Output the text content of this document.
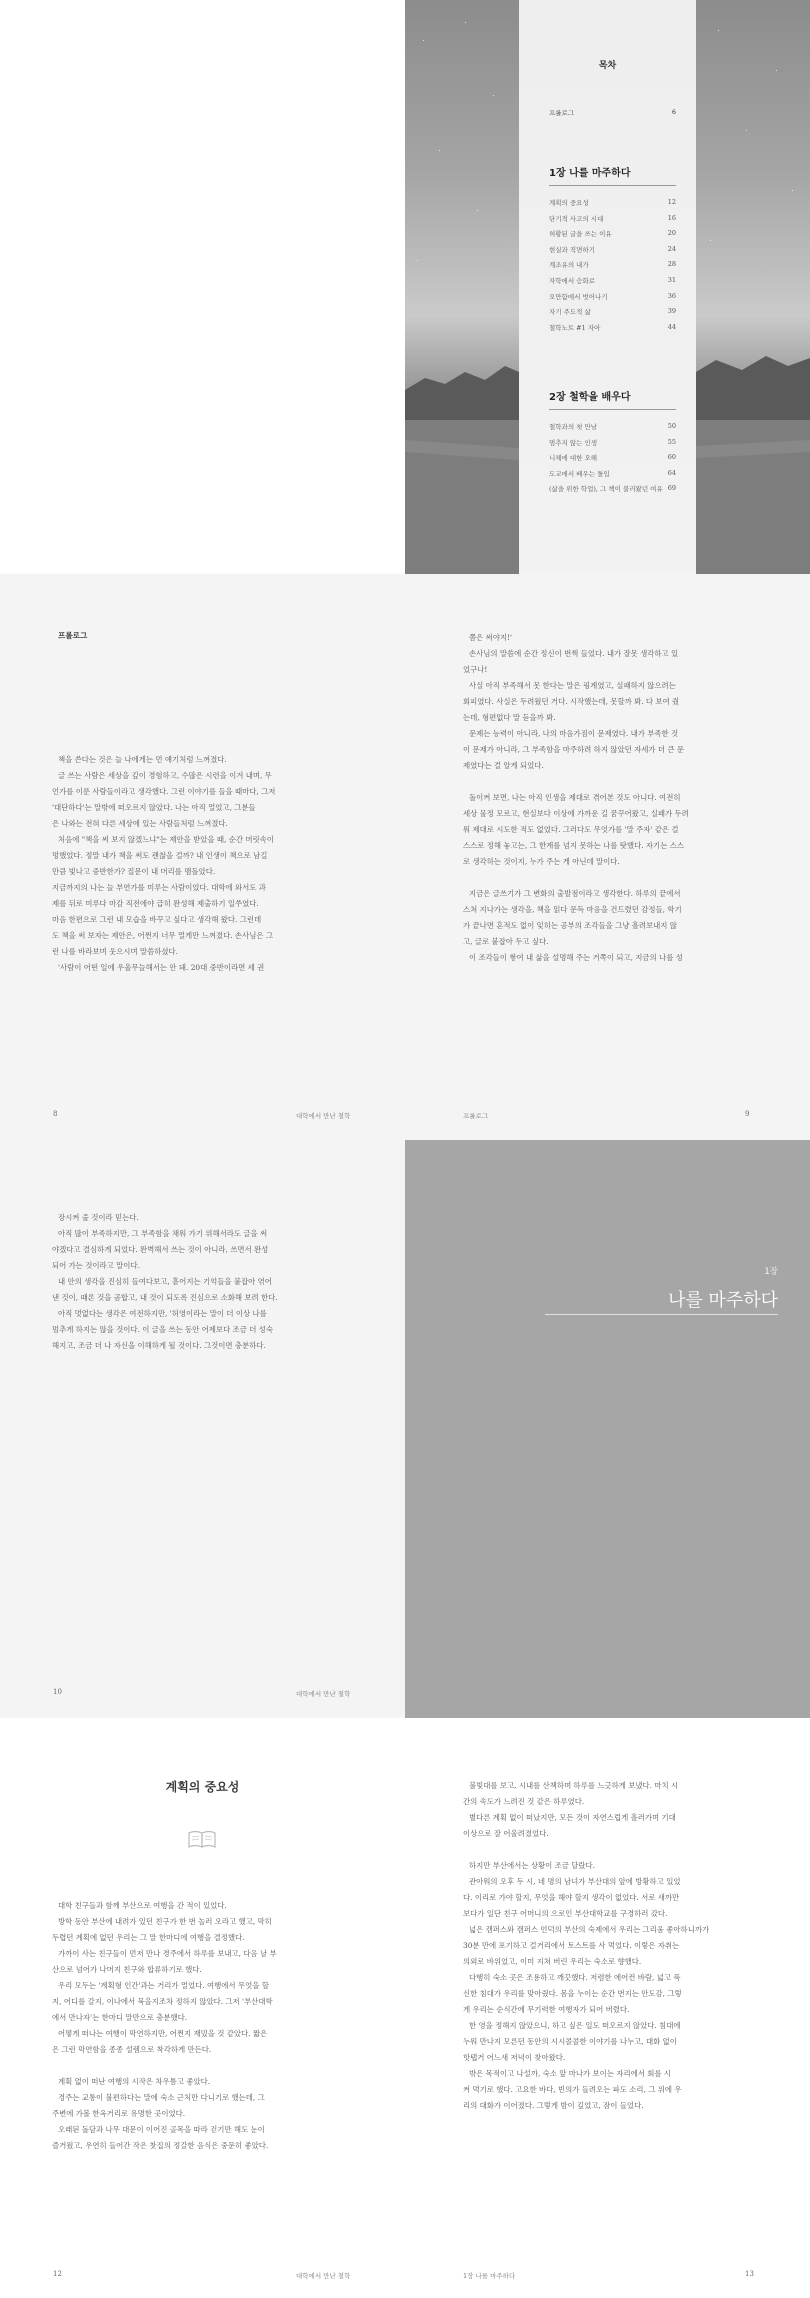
목차
프롤로그	6
1장 나를 마주하다
계획의 중요성	12
단기적 사고의 시대	16
허황된 글을 쓰는 이유	20
현실과 직면하기	24
계조유의 내가	28
자학에서 승화로	31
오만함에서 벗어나기	36
자기 주도적 삶	39
철학노트 #1 자아	44
2장 철학을 배우다
철학과의 첫 만남	50
멈추지 않는 인생	55
니체에 대한 오해	60
도교에서 배우는 돌입	64
(삶을 위한 학업), 그 책이 불러왔던 여유 69
프롤로그

책을 쓴다는 것은 늘 나에게는 먼 얘기처럼 느껴졌다.

글 쓰는 사람은 세상을 깊이 경험하고, 수많은 시련을 이겨 내며, 무

언가를 이룬 사람들이라고 생각했다. 그런 이야기를 들을 때마다, 그저

'대단하다'는 말밖에 떠오르지 않았다. 나는 아직 멀었고, 그분들

은 나와는 전혀 다른 세상에 있는 사람들처럼 느껴졌다.

처음에 "책을 써 보지 않겠느냐"는 제안을 받았을 때, 순간 머릿속이

멍했었다. 정말 내가 책을 써도 괜찮을 걸까? 내 인생이 책으로 남길

만큼 빛나고 중반한가? 질문이 내 머리를 맴돌았다.

지금까지의 나는 늘 부연가를 미루는 사람이었다. 대학에 와서도 과

제를 뒤로 미루다 마감 직전에야 급히 완성해 제출하기 일쑤였다.

마음 한편으로 그런 내 모습을 바꾸고 싶다고 생각해 왔다. 그런데

도 책을 써 보자는 제안은, 어쩐지 너무 멀게만 느껴졌다. 손사님은 그

런 나를 바라보며 웃으시며 말씀하셨다.

'사람이 어떤 일에 우울무늘해서는 안 돼. 20대 중반이라면 세 권

8	대학에서 만난 철학

쯤은 써야지!'

손사님의 말씀에 순간 정신이 번쩍 들었다. 내가 잘못 생각하고 있

었구나!

사실 아직 부족해서 못 한다는 말은 핑계였고, 실패하지 않으려는

회피였다. 사실은 두려웠던 거다. 시작했는데, 못할까 봐. 다 보여 줬

는데, 형편없다 말 듣을까 봐.

문제는 능력이 아니라, 나의 마음가짐이 문제였다. 내가 부족한 것

이 문제가 아니라, 그 부족함을 마주하려 하지 않았던 자세가 더 큰 문

제였다는 걸 알게 되었다.

돌이켜 보면, 나는 아직 인생을 제대로 겪어본 것도 아니다. 여전히

세상 물정 모르고, 현실보다 이상에 가까운 길 꿈꾸어왔고, 실패가 두려

워 제대로 시도한 적도 없었다. 그러다도 무엇가를 '말 주자' 같은 걸

스스로 정해 놓고는, 그 한계를 넘지 못하는 나를 탓했다. 자기는 스스

로 생각하는 것이지, 누가 주는 게 아닌데 말이다.

지금은 글쓰기가 그 변화의 출발점이라고 생각한다. 하루의 끝에서

스쳐 지나가는 생각을, 책을 읽다 문득 마음을 건드렸던 감정들, 학기

가 끝나면 흔적도 없이 잊히는 공부의 조각들을 그냥 흘려보내지 않

고, 글로 붙잡아 두고 싶다.

이 조각들이 쌓여 내 삶을 설명해 주는 거쪽이 되고, 지금의 나를 성

9
프롤로그

장시켜 줄 것이라 믿는다.

아직 많이 부족하지만, 그 부족함을 채워 가기 위해서라도 글을 써

야겠다고 결심하게 되었다. 완벽해서 쓰는 것이 아니라, 쓰면서 완성

되어 가는 것이라고 말이다.

내 안의 생각을 진심히 들여다보고, 흩어지는 기억들을 붙잡아 엮어

낸 것이, 때론 것을 곰합고, 내 것이 되도록 진심으로 소화해 보려 한다.

아직 멋없다는 생각은 여전하지만, '허영이라는 말이 더 이상 나를

멈추게 하지는 않을 것이다. 이 글을 쓰는 동안 어제보다 조금 더 성숙

해지고, 조금 더 나 자신을 이해하게 될 것이다. 그것이면 충분하다.

10	대학에서 만난 철학
1장
나를 마주하다
계획의 중요성

대학 친구들과 함께 부산으로 여행을 간 적이 있었다.

방학 동안 부산에 내려가 있던 친구가 한 번 놀러 오라고 했고, 막히

두렵던 계획에 없던 우리는 그 말 한마디에 여행을 결정했다.

가까이 사는 친구들이 먼저 만나 경주에서 하루를 보내고, 다음 날 부

산으로 넘어가 나머지 친구와 합류하기로 했다.

우리 모두는 '계획형 인간'과는 거리가 멀었다. 여행에서 무엇을 할

지, 어디를 갈지, 이나에서 묵을지조차 정하지 않았다. 그저 '부산대학

에서 만나자'는 한마디 말만으로 충분했다.

어떻게 떠나는 여행이 막연하지만, 어쩐지 재밌을 것 같았다. 짧은

은 그런 막연함을 종종 설렘으로 착각하게 만든다.

계획 없이 떠난 여행의 시작은 차우틈고 좋았다.

경주는 교통이 불편하다는 말에 숙소 근처만 다니기로 했는데, 그

주변에 가볼 한옥거리로 유명한 곳이었다.

오래된 돌담과 나무 대문이 이어진 골목을 따라 걷기만 해도 눈이

즐거웠고, 우연히 들어간 작은 찻집의 정갈한 음식은 중문히 좋았다.

12	대학에서 만난 철학

불빛대를 보고, 시내를 산책하며 하루를 느긋하게 보냈다. 마치 시

간의 속도가 느려진 것 같은 하루였다.

별다른 계획 없이 떠났지만, 모든 것이 자연스럽게 흘러가며 기대

이상으로 잘 어울려졌었다.

하지만 부산에서는 상황이 조금 달랐다.

관아워의 오후 두 시, 네 명의 남녀가 부산대의 앞에 방황하고 있었

다. 이리로 가야 할지, 무엇을 해야 할지 생각이 없었다. 서로 새까만

보다가 일단 친구 어머니의 으로인 부산대학교를 구경하러 갔다.

넓은 캠퍼스와 캠퍼스 언덕의 부산의 숙제에서 우리는 그리움 좋아하니까가

30분 만에 포기하고 걸거리에서 토스트를 사 먹었다. 이렇은 자취는

의외로 바위었고, 이미 지쳐 버린 우리는 숙소로 향했다.

다행히 숙소 곳은 조용하고 깨끗했다. 저렴한 에어컨 바람, 넓고 푹

신한 침대가 우리를 맞아줬다. 몸을 누이는 순간 번지는 안도감, 그렇

게 우리는 순식간에 무기력한 여행자가 되어 버렸다.

한 영을 정해지 않았으니, 하고 싶은 일도 떠오르지 않았다. 침대에

누워 만나지 모른던 동안의 시시콜콜한 이야기를 나누고, 대화 없이

핫탭거 어느새 저녁이 찾아왔다.

밖은 목적이고 나설까, 숙소 앞 마나가 보이는 자리에서 회를 시

켜 먹기로 했다. 고요한 바다, 빈의가 들려오는 파도 소리, 그 위에 우

리의 대화가 이어졌다. 그렇게 밤이 깊었고, 잠이 들었다.

13
1장 나를 마주하다
